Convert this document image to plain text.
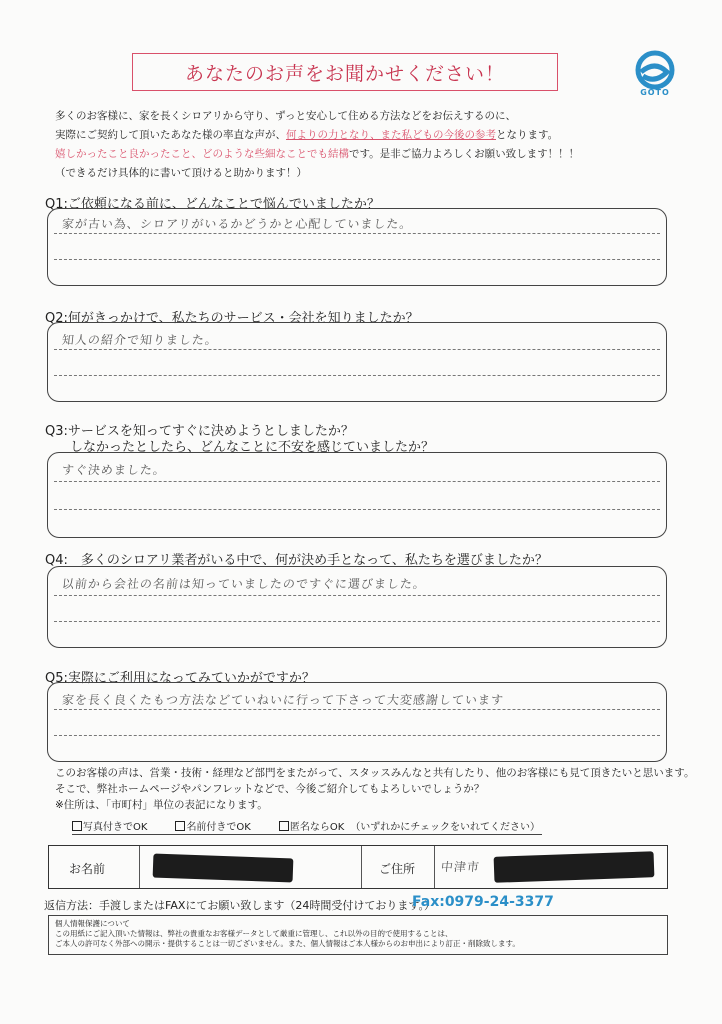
あなたのお声をお聞かせください！
GOTO
多くのお客様に、家を長くシロアリから守り、ずっと安心して住める方法などをお伝えするのに、
実際にご契約して頂いたあなた様の率直な声が、何よりの力となり、また私どもの今後の参考となります。
嬉しかったこと良かったこと、どのような些細なことでも結構です。是非ご協力よろしくお願い致します！！！
（できるだけ具体的に書いて頂けると助かります！）
Q1:ご依頼になる前に、どんなことで悩んでいましたか？
家が古い為、シロアリがいるかどうかと心配していました。
Q2:何がきっかけで、私たちのサービス・会社を知りましたか？
知人の紹介で知りました。
Q3:サービスを知ってすぐに決めようとしましたか？
しなかったとしたら、どんなことに不安を感じていましたか？
すぐ決めました。
Q4:　多くのシロアリ業者がいる中で、何が決め手となって、私たちを選びましたか？
以前から会社の名前は知っていましたのですぐに選びました。
Q5:実際にご利用になってみていかがですか？
家を長く良くたもつ方法などていねいに行って下さって大変感謝しています
このお客様の声は、営業・技術・経理など部門をまたがって、スタッスみんなと共有したり、他のお客様にも見て頂きたいと思います。
そこで、弊社ホームページやパンフレットなどで、今後ご紹介してもよろしいでしょうか？
※住所は、「市町村」単位の表記になります。
写真付きでOK	名前付きでOK	匿名ならOK （いずれかにチェックをいれてください）
お名前	ご住所 中津市
返信方法：手渡しまたはFAXにてお願い致します（24時間受付けております。）
Fax:0979-24-3377
個人情報保護について
この用紙にご記入頂いた情報は、弊社の貴重なお客様データとして厳重に管理し、これ以外の目的で使用することは、
ご本人の許可なく外部への開示・提供することは一切ございません。また、個人情報はご本人様からのお申出により訂正・削除致します。
